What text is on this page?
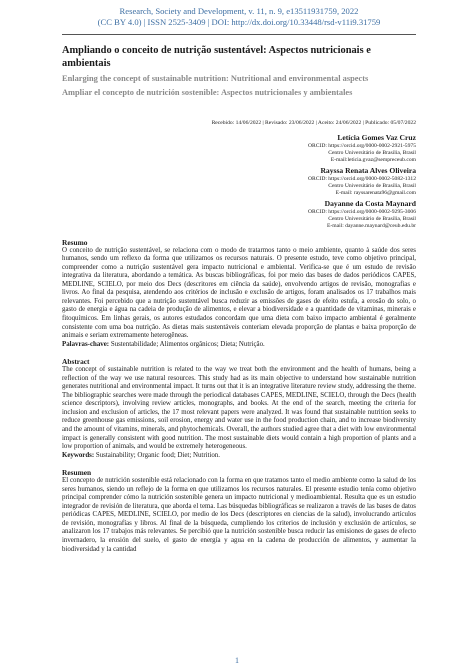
Research, Society and Development, v. 11, n. 9, e13511931759, 2022
(CC BY 4.0) | ISSN 2525-3409 | DOI: http://dx.doi.org/10.33448/rsd-v11i9.31759
Ampliando o conceito de nutrição sustentável: Aspectos nutricionais e ambientais
Enlarging the concept of sustainable nutrition: Nutritional and environmental aspects
Ampliar el concepto de nutrición sostenible: Aspectos nutricionales y ambientales
Recebido: 14/06/2022 | Revisado: 23/06/2022 | Aceito: 24/06/2022 | Publicado: 05/07/2022
Letícia Gomes Vaz Cruz
ORCID: https://orcid.org/0000-0002-2921-5975
Centro Universitário de Brasília, Brasil
E-mail:leticia.gvaz@sempreceub.com
Rayssa Renata Alves Oliveira
ORCID: https://orcid.org/0000-0002-5082-1312
Centro Universitário de Brasília, Brasil
E-mail: rayssarenata96@gmail.com
Dayanne da Costa Maynard
ORCID: https://orcid.org/0000-0002-9295-3006
Centro Universitário de Brasília, Brasil
E-mail: dayanne.maynard@ceub.edu.br
Resumo
O conceito de nutrição sustentável, se relaciona com o modo de tratarmos tanto o meio ambiente, quanto à saúde dos seres humanos, sendo um reflexo da forma que utilizamos os recursos naturais. O presente estudo, teve como objetivo principal, compreender como a nutrição sustentável gera impacto nutricional e ambiental. Verifica-se que é um estudo de revisão integrativa da literatura, abordando a temática. As buscas bibliográficas, foi por meio das bases de dados periódicos CAPES, MEDLINE, SCIELO, por meio dos Decs (descritores em ciência da saúde), envolvendo artigos de revisão, monografias e livros. Ao final da pesquisa, atendendo aos critérios de inclusão e exclusão de artigos, foram analisados os 17 trabalhos mais relevantes. Foi percebido que a nutrição sustentável busca reduzir as emissões de gases de efeito estufa, a erosão do solo, o gasto de energia e água na cadeia de produção de alimentos, e elevar a biodiversidade e a quantidade de vitaminas, minerais e fitoquímicos. Em linhas gerais, os autores estudados concordam que uma dieta com baixo impacto ambiental é geralmente consistente com uma boa nutrição. As dietas mais sustentáveis conteriam elevada proporção de plantas e baixa proporção de animais e seriam extremamente heterogêneas.
Palavras-chave: Sustentabilidade; Alimentos orgânicos; Dieta; Nutrição.
Abstract
The concept of sustainable nutrition is related to the way we treat both the environment and the health of humans, being a reflection of the way we use natural resources. This study had as its main objective to understand how sustainable nutrition generates nutritional and environmental impact. It turns out that it is an integrative literature review study, addressing the theme. The bibliographic searches were made through the periodical databases CAPES, MEDLINE, SCIELO, through the Decs (health science descriptors), involving review articles, monographs, and books. At the end of the search, meeting the criteria for inclusion and exclusion of articles, the 17 most relevant papers were analyzed. It was found that sustainable nutrition seeks to reduce greenhouse gas emissions, soil erosion, energy and water use in the food production chain, and to increase biodiversity and the amount of vitamins, minerals, and phytochemicals. Overall, the authors studied agree that a diet with low environmental impact is generally consistent with good nutrition. The most sustainable diets would contain a high proportion of plants and a low proportion of animals, and would be extremely heterogeneous.
Keywords: Sustainability; Organic food; Diet; Nutrition.
Resumen
El concepto de nutrición sostenible está relacionado con la forma en que tratamos tanto el medio ambiente como la salud de los seres humanos, siendo un reflejo de la forma en que utilizamos los recursos naturales. El presente estudio tenía como objetivo principal comprender cómo la nutrición sostenible genera un impacto nutricional y medioambiental. Resulta que es un estudio integrador de revisión de literatura, que aborda el tema. Las búsquedas bibliográficas se realizaron a través de las bases de datos periódicas CAPES, MEDLINE, SCIELO, por medio de los Decs (descriptores en ciencias de la salud), involucrando artículos de revisión, monografías y libros. Al final de la búsqueda, cumpliendo los criterios de inclusión y exclusión de artículos, se analizaron los 17 trabajos más relevantes. Se percibió que la nutrición sostenible busca reducir las emisiones de gases de efecto invernadero, la erosión del suelo, el gasto de energía y agua en la cadena de producción de alimentos, y aumentar la biodiversidad y la cantidad
1
